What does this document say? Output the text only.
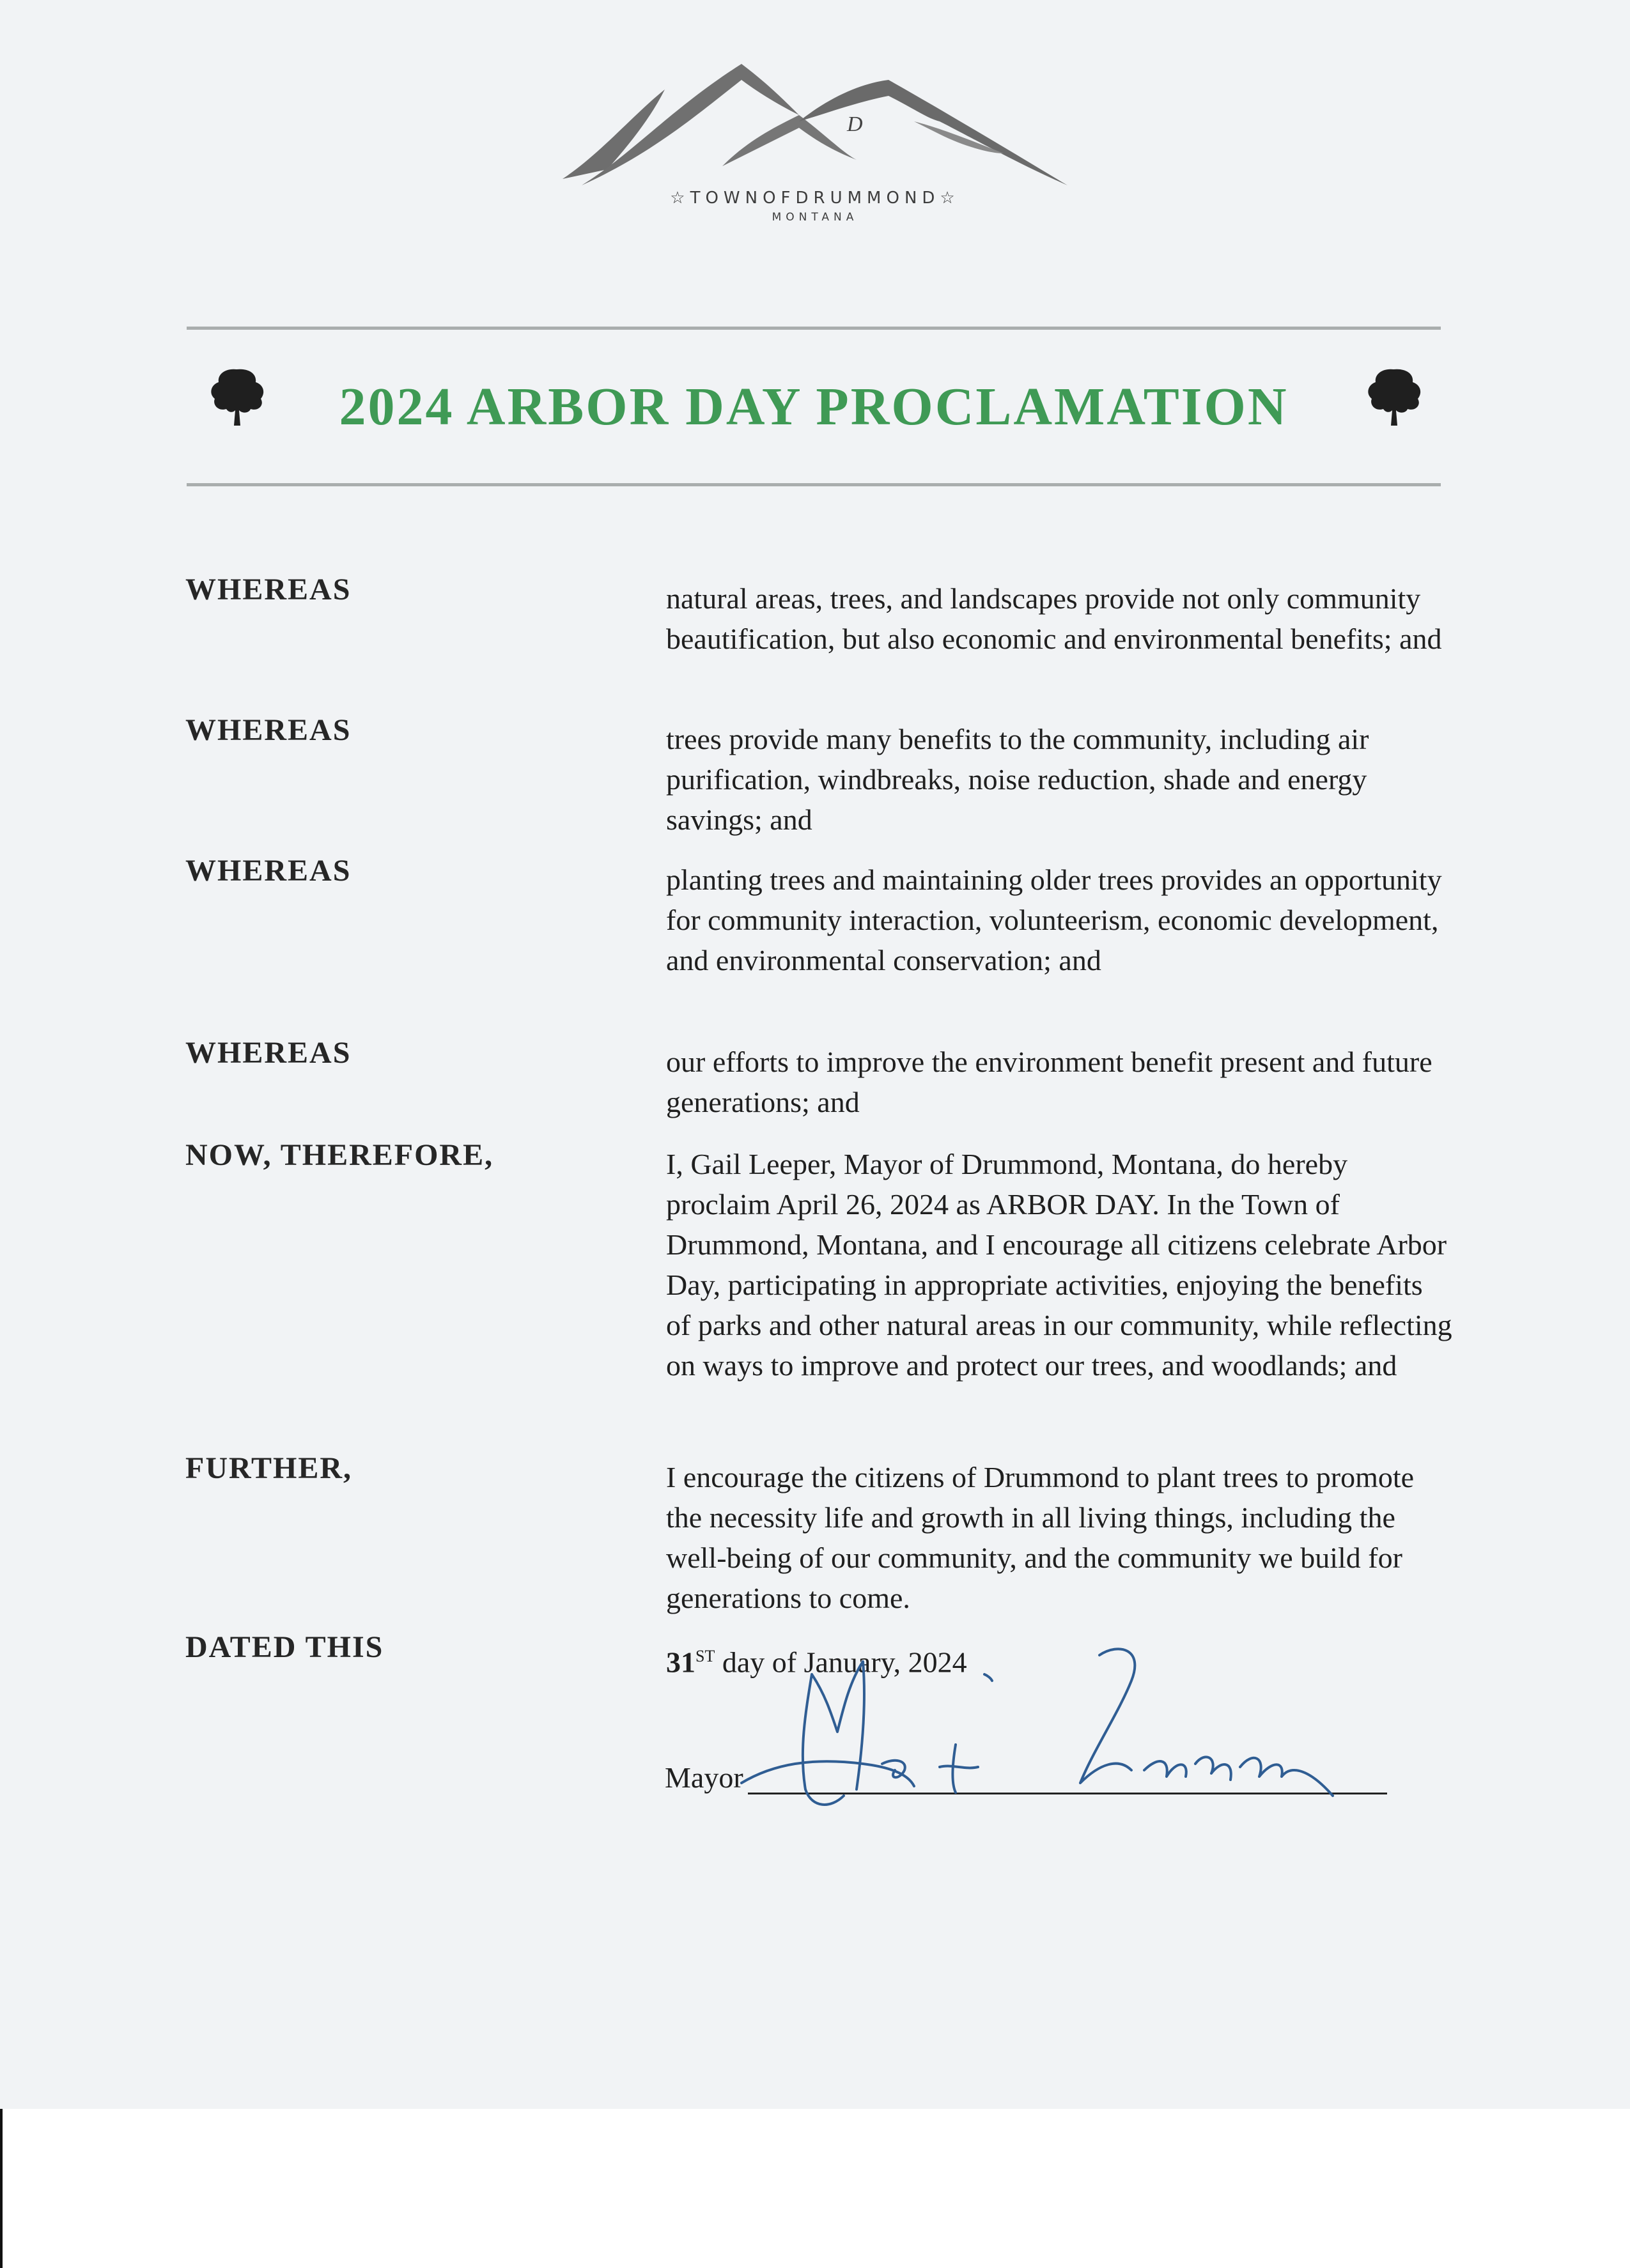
D
☆TOWNOFDRUMMOND☆
MONTANA
2024 ARBOR DAY PROCLAMATION
WHEREAS	natural areas, trees, and landscapes provide not only community beautification, but also economic and environmental benefits; and
WHEREAS	trees provide many benefits to the community, including air purification, windbreaks, noise reduction, shade and energy savings; and
WHEREAS	planting trees and maintaining older trees provides an opportunity for community interaction, volunteerism, economic development, and environmental conservation; and
WHEREAS	our efforts to improve the environment benefit present and future generations; and
NOW, THEREFORE,	I, Gail Leeper, Mayor of Drummond, Montana, do hereby proclaim April 26, 2024 as ARBOR DAY. In the Town of Drummond, Montana, and I encourage all citizens celebrate Arbor Day, participating in appropriate activities, enjoying the benefits of parks and other natural areas in our community, while reflecting on ways to improve and protect our trees, and woodlands; and
FURTHER,	I encourage the citizens of Drummond to plant trees to promote the necessity life and growth in all living things, including the well-being of our community, and the community we build for generations to come.
DATED THIS	31ST day of January, 2024
Mayor
